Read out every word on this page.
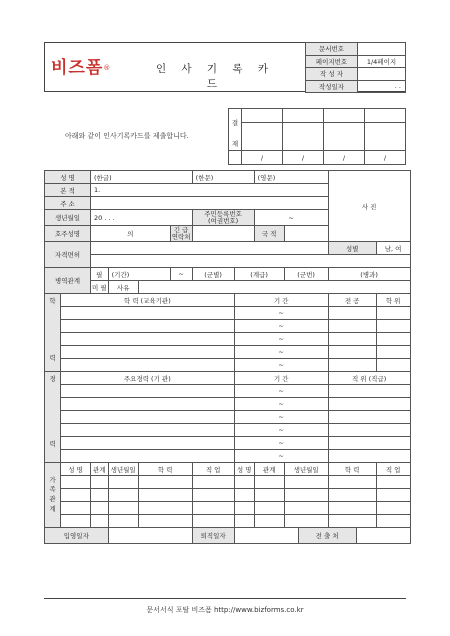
비즈폼®	인 사 기 록 카 드
문서번호	
페이지번호	1/4페이지
작 성 자	
작성일자	. .
아래와 같이 인사기록카드를 제출합니다.
결				

재				
	/	/	/	/
성 명		(한글)				(한문)		(영문)			사 진		
본 적		1.											
주 소													
생년월일		20 . . .				주민등록번호
(여권번호)		~					
호주성명		의			긴 급
연락처			국 적					
자격면허											성별		남, 여

병역관계		필	(기간)		~	(군별)	(계급)		(군번)		(병과)		
		미 필	사유										
학

력	학 력 (교육기관)						기 간				전 공		학 위
							~						
							~						
							~						
							~						
							~						
경

력	주요경력 (기 관)						기 간				직 위 (직급)		
							~						
							~						
							~						
							~						
							~						
							~						
가
족
관
계	성 명	관계	생년월일	학 력		직 업	성 명	관계	생년월일		학 력		직 업

입영일자						퇴직일자				전 출 처			
문서서식 포탈 비즈폼 http://www.bizforms.co.kr
